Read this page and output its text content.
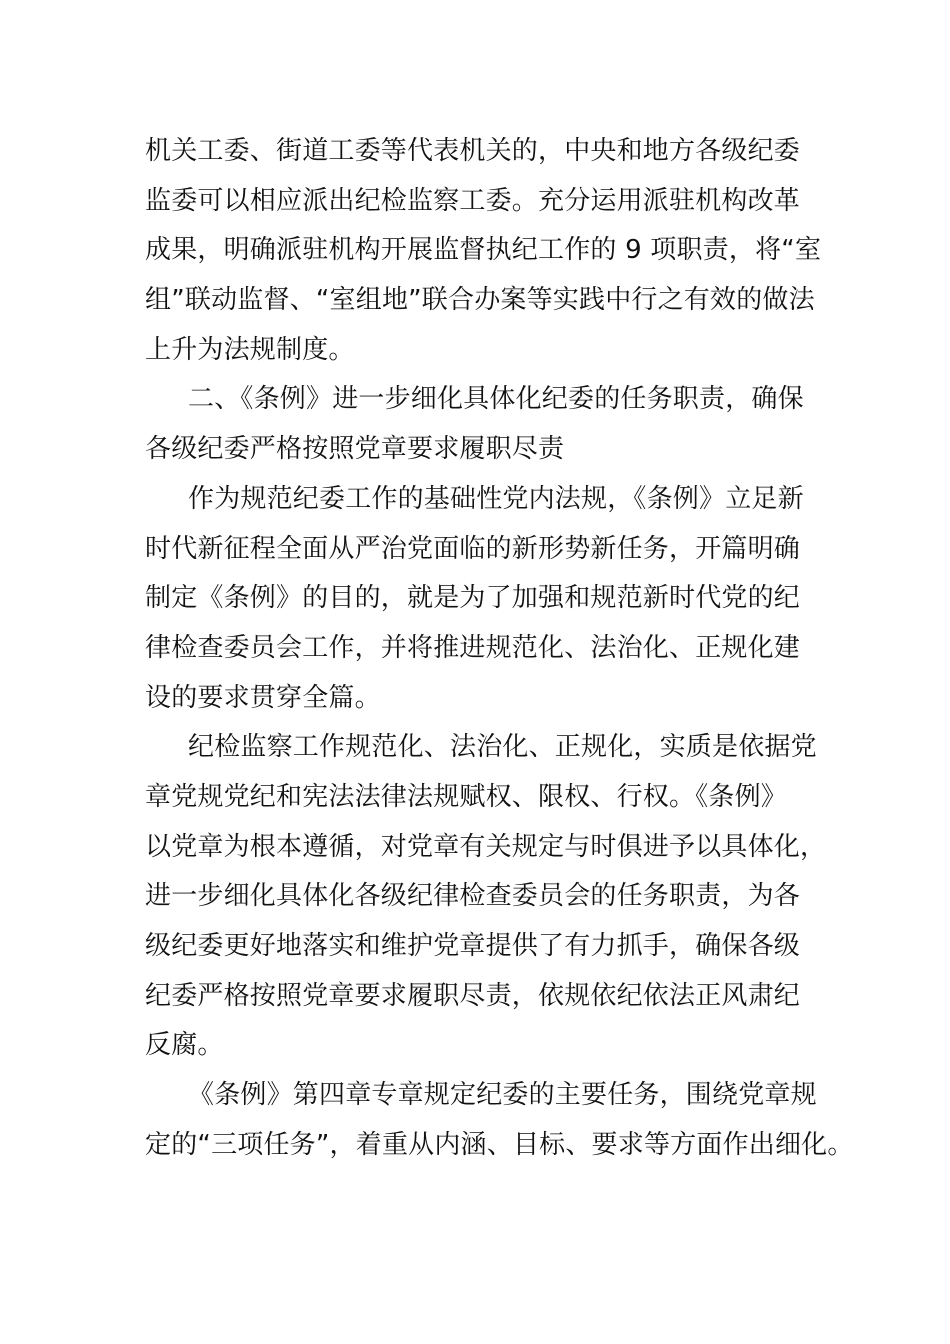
机关工委、街道工委等代表机关的，中央和地方各级纪委
监委可以相应派出纪检监察工委。充分运用派驻机构改革
成果，明确派驻机构开展监督执纪工作的 9 项职责，将“室
组”联动监督、“室组地”联合办案等实践中行之有效的做法
上升为法规制度。
二、《条例》进一步细化具体化纪委的任务职责，确保
各级纪委严格按照党章要求履职尽责
作为规范纪委工作的基础性党内法规，《条例》立足新
时代新征程全面从严治党面临的新形势新任务，开篇明确
制定《条例》的目的，就是为了加强和规范新时代党的纪
律检查委员会工作，并将推进规范化、法治化、正规化建
设的要求贯穿全篇。
纪检监察工作规范化、法治化、正规化，实质是依据党
章党规党纪和宪法法律法规赋权、限权、行权。《条例》
以党章为根本遵循，对党章有关规定与时俱进予以具体化，
进一步细化具体化各级纪律检查委员会的任务职责，为各
级纪委更好地落实和维护党章提供了有力抓手，确保各级
纪委严格按照党章要求履职尽责，依规依纪依法正风肃纪
反腐。
《条例》第四章专章规定纪委的主要任务，围绕党章规
定的“三项任务”，着重从内涵、目标、要求等方面作出细化。
